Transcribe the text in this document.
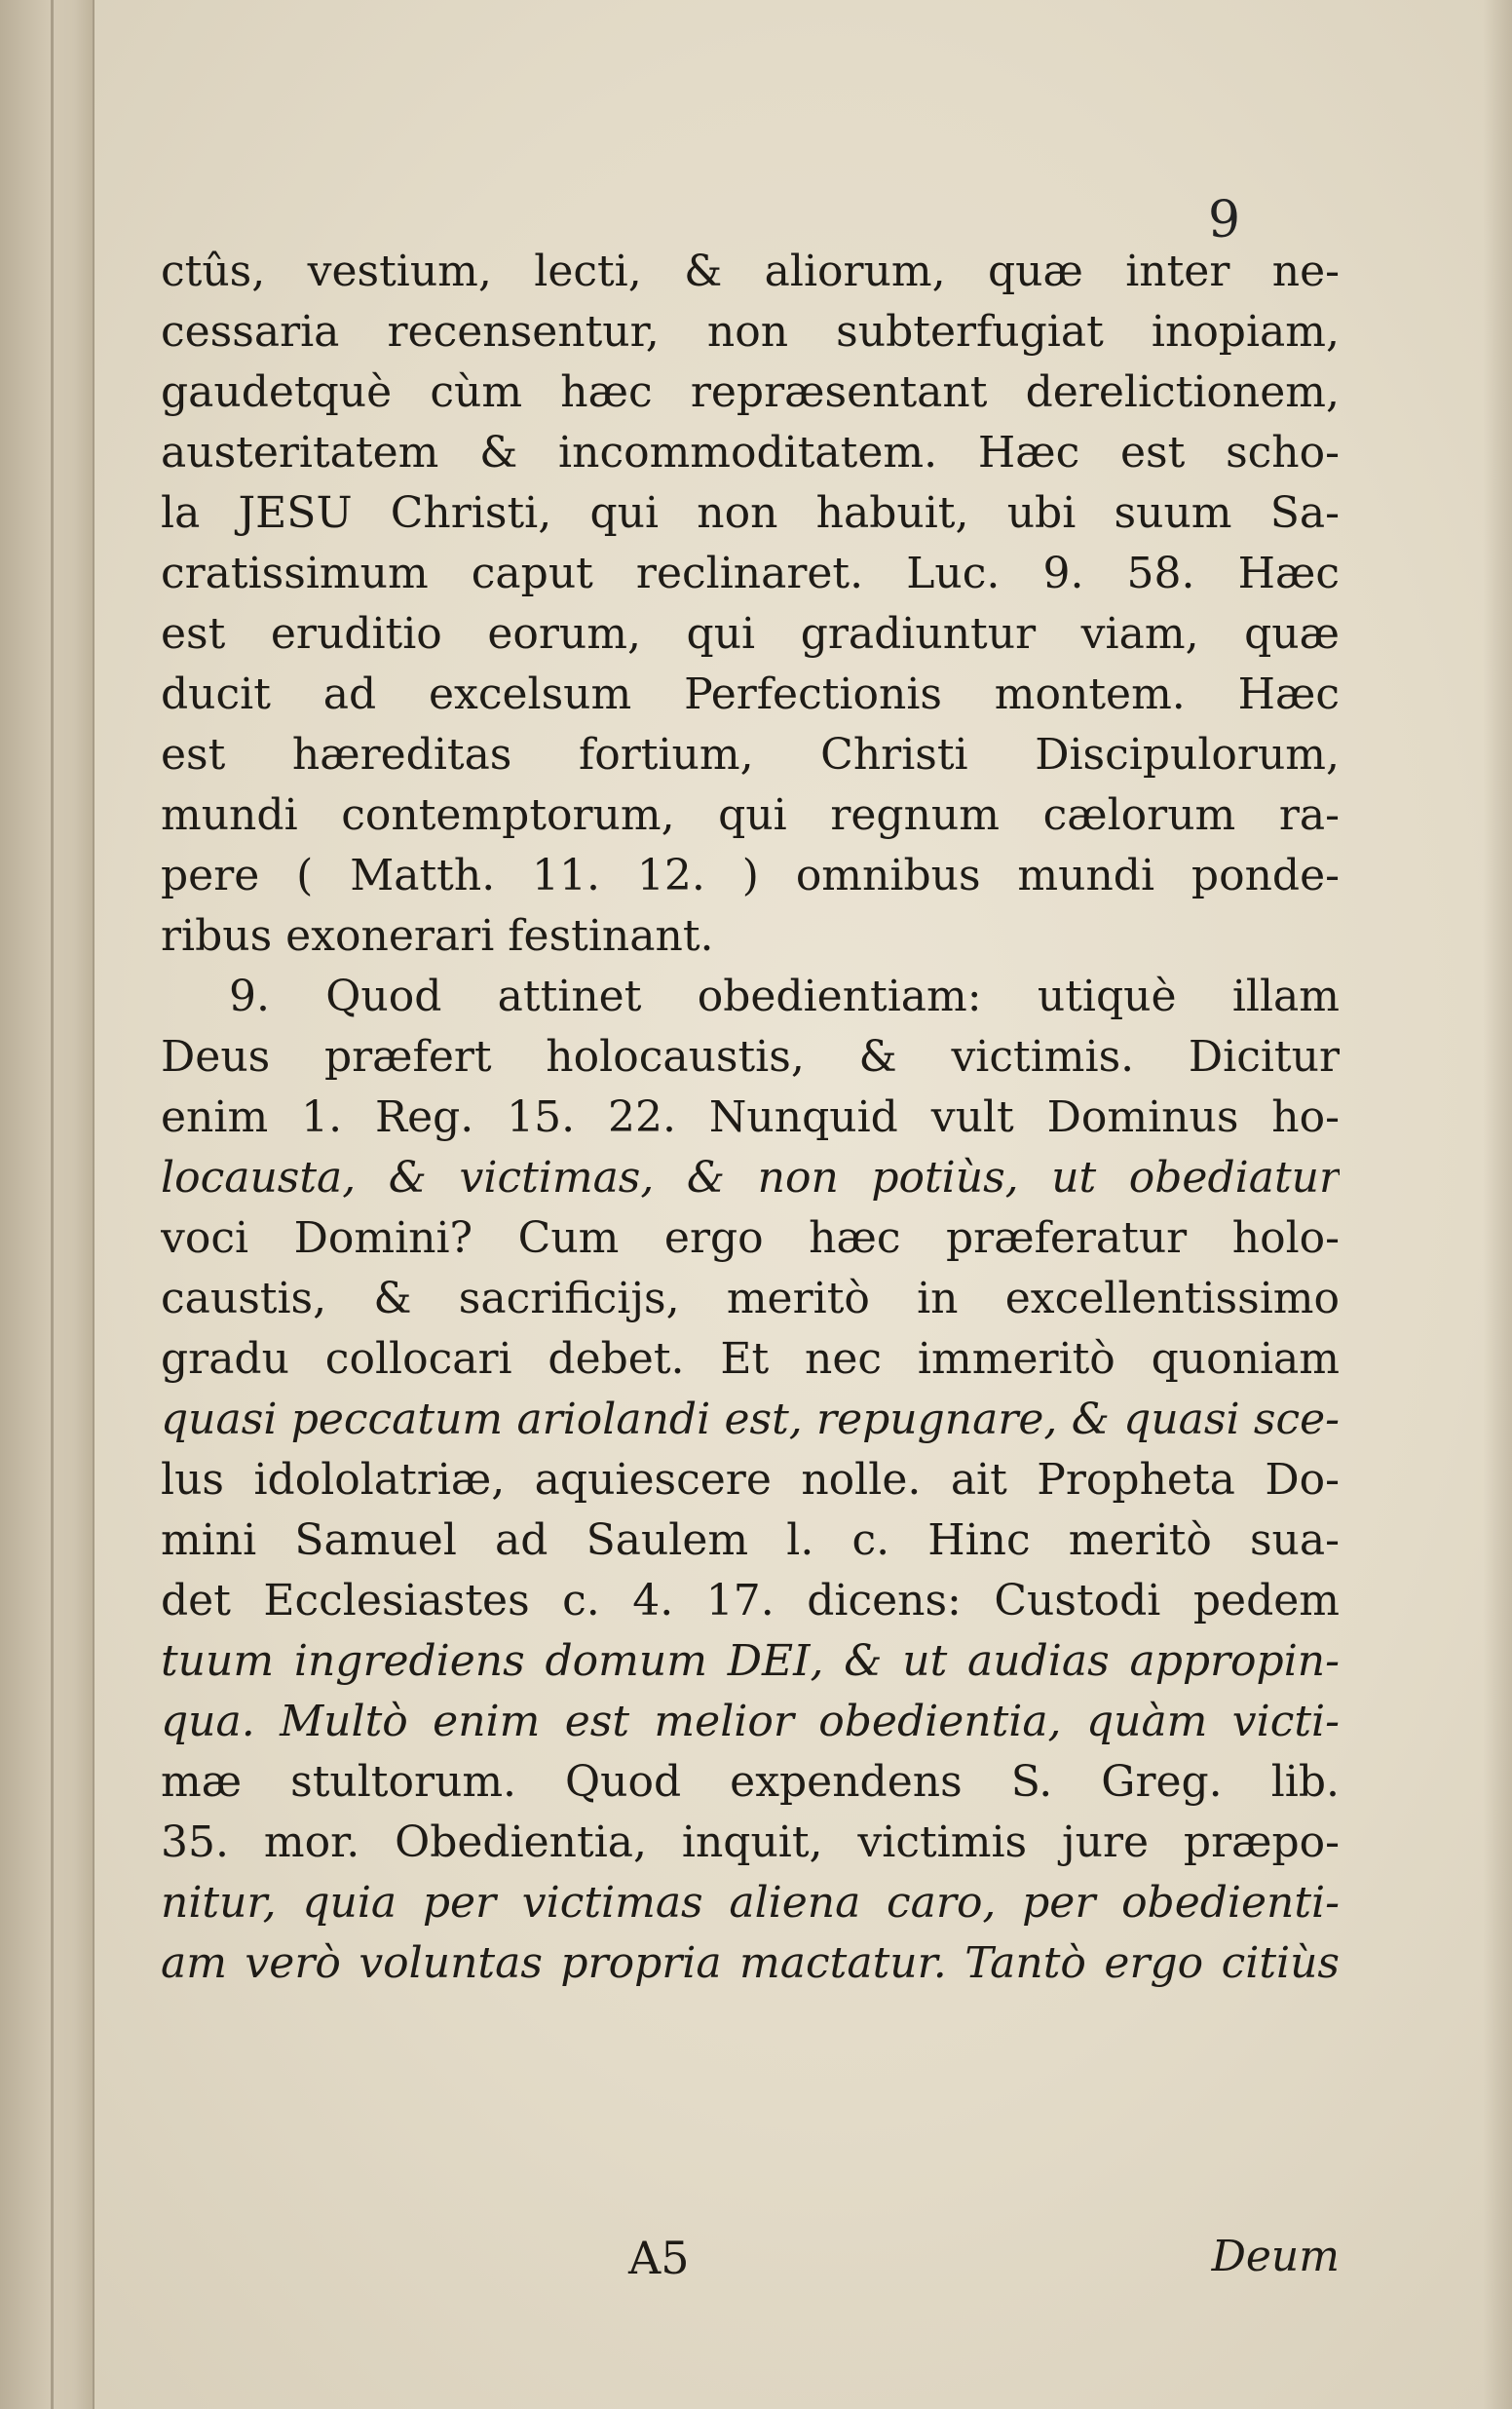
9
ctûs, vestium, lecti, & aliorum, quæ inter ne-
cessaria recensentur, non subterfugiat inopiam,
gaudetquè cùm hæc repræsentant derelictionem,
austeritatem & incommoditatem. Hæc est scho-
la JESU Christi, qui non habuit, ubi suum Sa-
cratissimum caput reclinaret. Luc. 9. 58. Hæc
est eruditio eorum, qui gradiuntur viam, quæ
ducit ad excelsum Perfectionis montem. Hæc
est hæreditas fortium, Christi Discipulorum,
mundi contemptorum, qui regnum cælorum ra-
pere ( Matth. 11. 12. ) omnibus mundi ponde-
ribus exonerari festinant.
9. Quod attinet obedientiam: utiquè illam
Deus præfert holocaustis, & victimis. Dicitur
enim 1. Reg. 15. 22. Nunquid vult Dominus ho-
locausta, & victimas, & non potiùs, ut obediatur
voci Domini? Cum ergo hæc præferatur holo-
caustis, & sacrificijs, meritò in excellentissimo
gradu collocari debet. Et nec immeritò quoniam
quasi peccatum ariolandi est, repugnare, & quasi sce-
lus idololatriæ, aquiescere nolle. ait Propheta Do-
mini Samuel ad Saulem l. c. Hinc meritò sua-
det Ecclesiastes c. 4. 17. dicens: Custodi pedem
tuum ingrediens domum DEI, & ut audias appropin-
qua. Multò enim est melior obedientia, quàm victi-
mæ stultorum. Quod expendens S. Greg. lib.
35. mor. Obedientia, inquit, victimis jure præpo-
nitur, quia per victimas aliena caro, per obedienti-
am verò voluntas propria mactatur. Tantò ergo citiùs
A5	Deum
